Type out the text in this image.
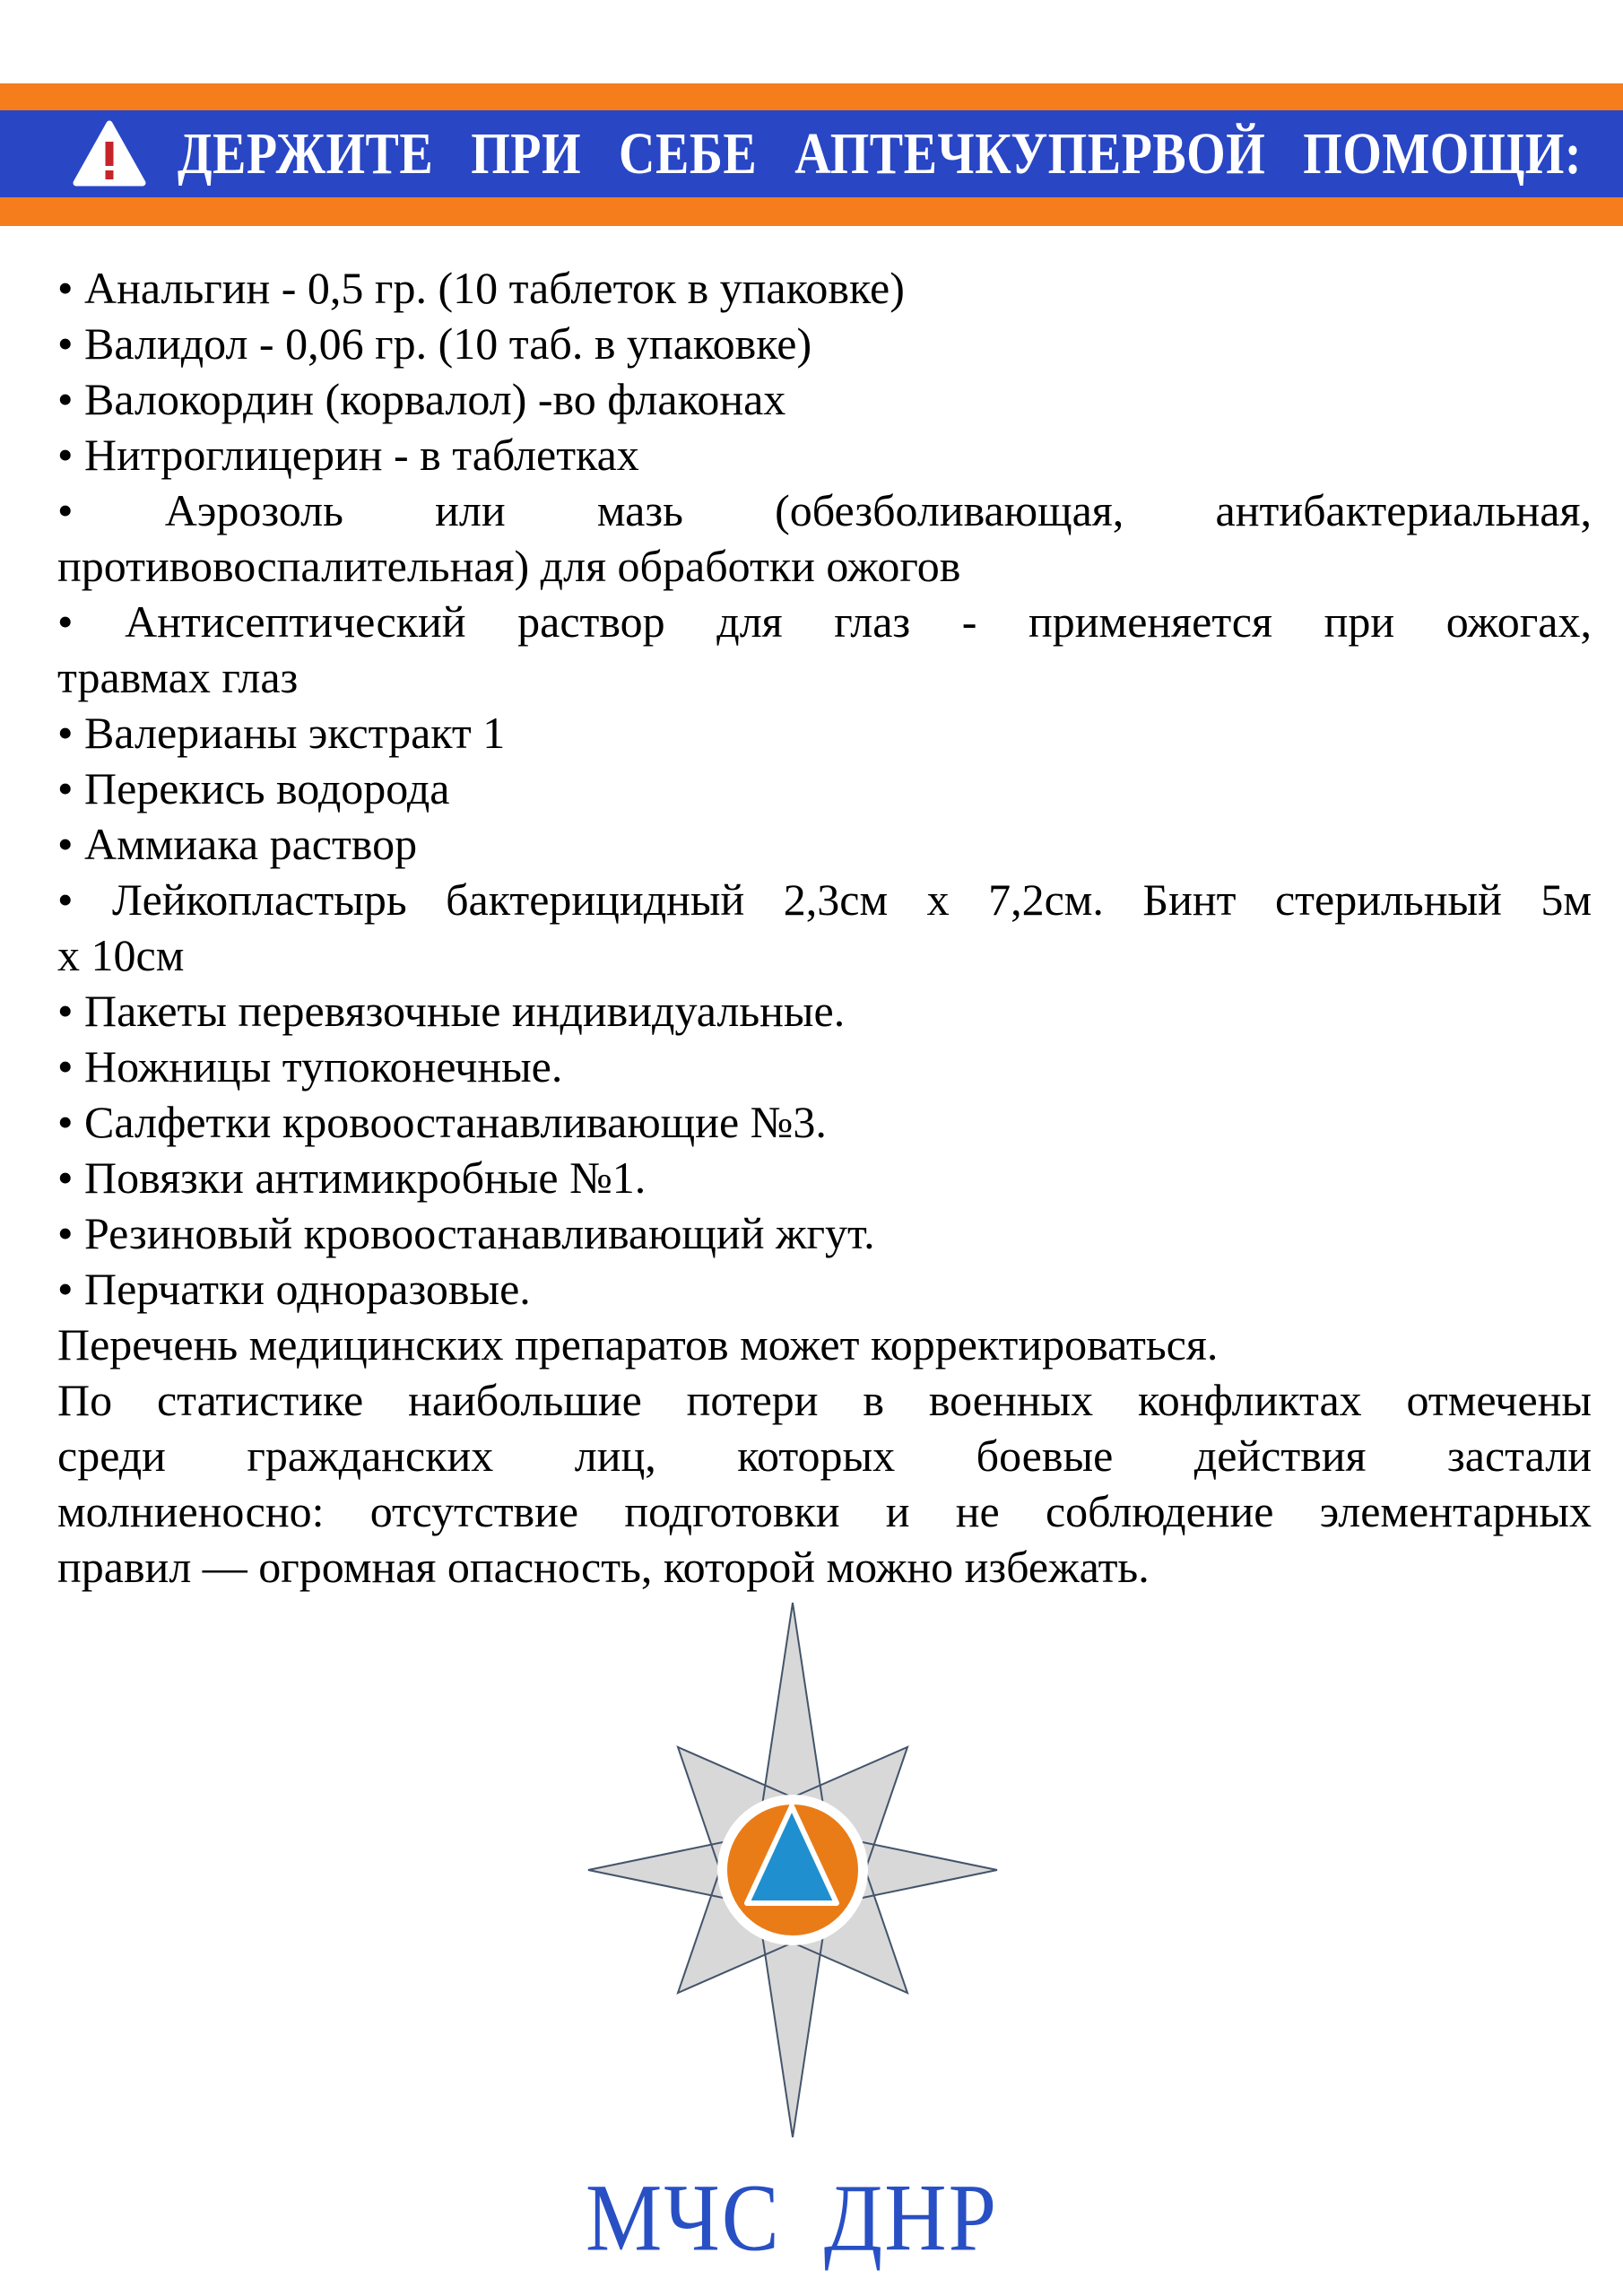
ДЕРЖИТЕ ПРИ СЕБЕ АПТЕЧКУПЕРВОЙ ПОМОЩИ:
• Анальгин - 0,5 гр. (10 таблеток в упаковке)
• Валидол - 0,06 гр. (10 таб. в упаковке)
• Валокордин (корвалол) -во флаконах
• Нитроглицерин - в таблетках
• Аэрозоль или мазь (обезболивающая, антибактериальная,
противовоспалительная) для обработки ожогов
• Антисептический раствор для глаз - применяется при ожогах,
травмах глаз
• Валерианы экстракт 1
• Перекись водорода
• Аммиака раствор
• Лейкопластырь бактерицидный 2,3см х 7,2см. Бинт стерильный 5м
х 10см
• Пакеты перевязочные индивидуальные.
• Ножницы тупоконечные.
• Салфетки кровоостанавливающие №3.
• Повязки антимикробные №1.
• Резиновый кровоостанавливающий жгут.
• Перчатки одноразовые.
Перечень медицинских препаратов может корректироваться.
По статистике наибольшие потери в военных конфликтах отмечены
среди гражданских лиц, которых боевые действия застали
молниеносно: отсутствие подготовки и не соблюдение элементарных
правил — огромная опасность, которой можно избежать.
МЧС ДНР
